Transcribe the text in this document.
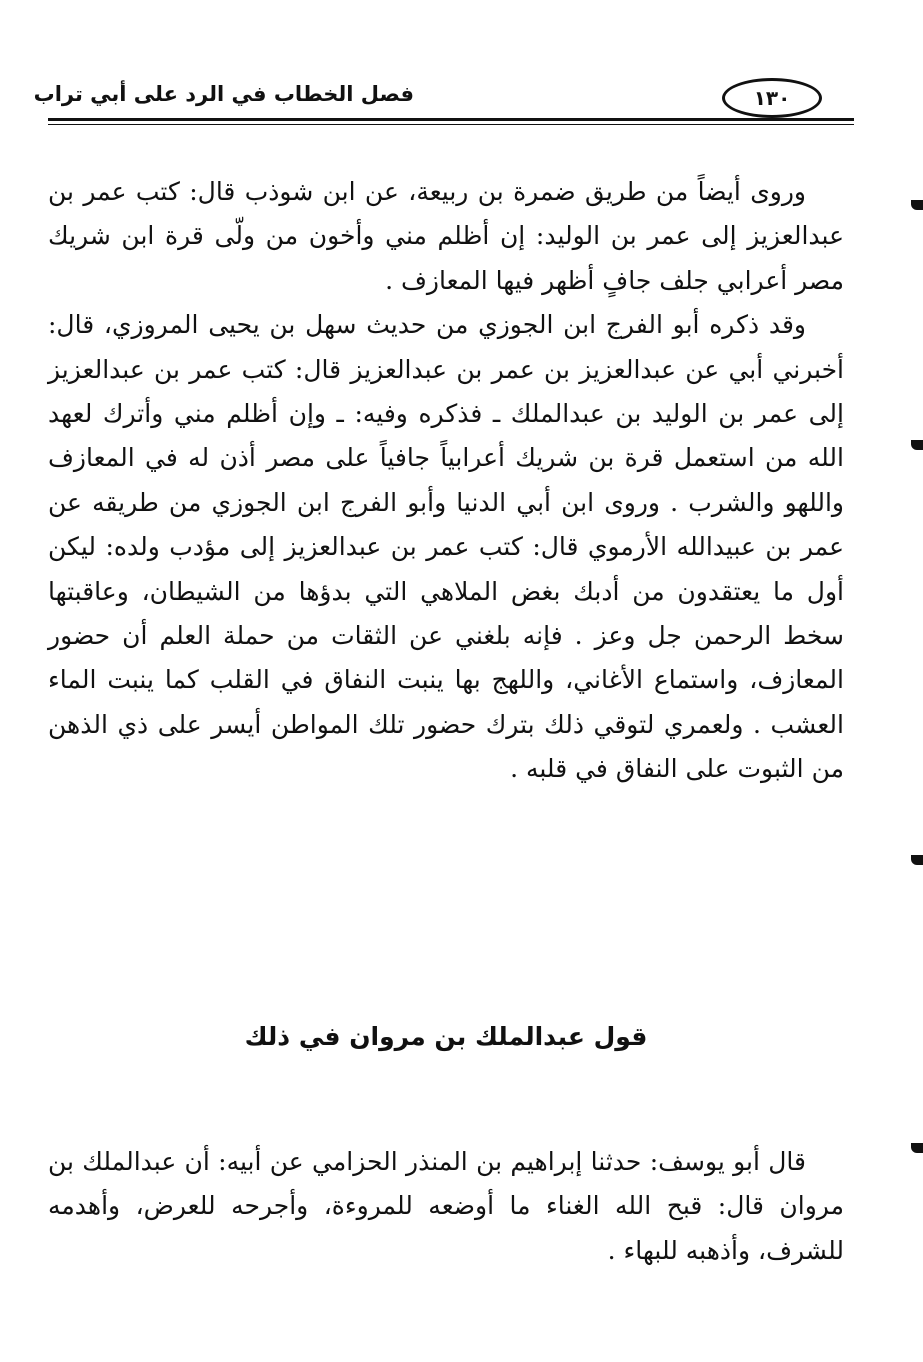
فصل الخطاب في الرد على أبي تراب	١٣٠

وروى أيضاً من طريق ضمرة بن ربيعة، عن ابن شوذب قال: كتب عمر بن عبدالعزيز إلى عمر بن الوليد: إن أظلم مني وأخون من ولّى قرة ابن شريك مصر أعرابي جلف جافٍ أظهر فيها المعازف .

وقد ذكره أبو الفرج ابن الجوزي من حديث سهل بن يحيى المروزي، قال: أخبرني أبي عن عبدالعزيز بن عمر بن عبدالعزيز قال: كتب عمر بن عبدالعزيز إلى عمر بن الوليد بن عبدالملك ـ فذكره وفيه: ـ وإن أظلم مني وأترك لعهد الله من استعمل قرة بن شريك أعرابياً جافياً على مصر أذن له في المعازف واللهو والشرب . وروى ابن أبي الدنيا وأبو الفرج ابن الجوزي من طريقه عن عمر بن عبيدالله الأرموي قال: كتب عمر بن عبدالعزيز إلى مؤدب ولده: ليكن أول ما يعتقدون من أدبك بغض الملاهي التي بدؤها من الشيطان، وعاقبتها سخط الرحمن جل وعز . فإنه بلغني عن الثقات من حملة العلم أن حضور المعازف، واستماع الأغاني، واللهج بها ينبت النفاق في القلب كما ينبت الماء العشب . ولعمري لتوقي ذلك بترك حضور تلك المواطن أيسر على ذي الذهن من الثبوت على النفاق في قلبه .

قول عبدالملك بن مروان في ذلك

قال أبو يوسف: حدثنا إبراهيم بن المنذر الحزامي عن أبيه: أن عبدالملك بن مروان قال: قبح الله الغناء ما أوضعه للمروءة، وأجرحه للعرض، وأهدمه للشرف، وأذهبه للبهاء .
